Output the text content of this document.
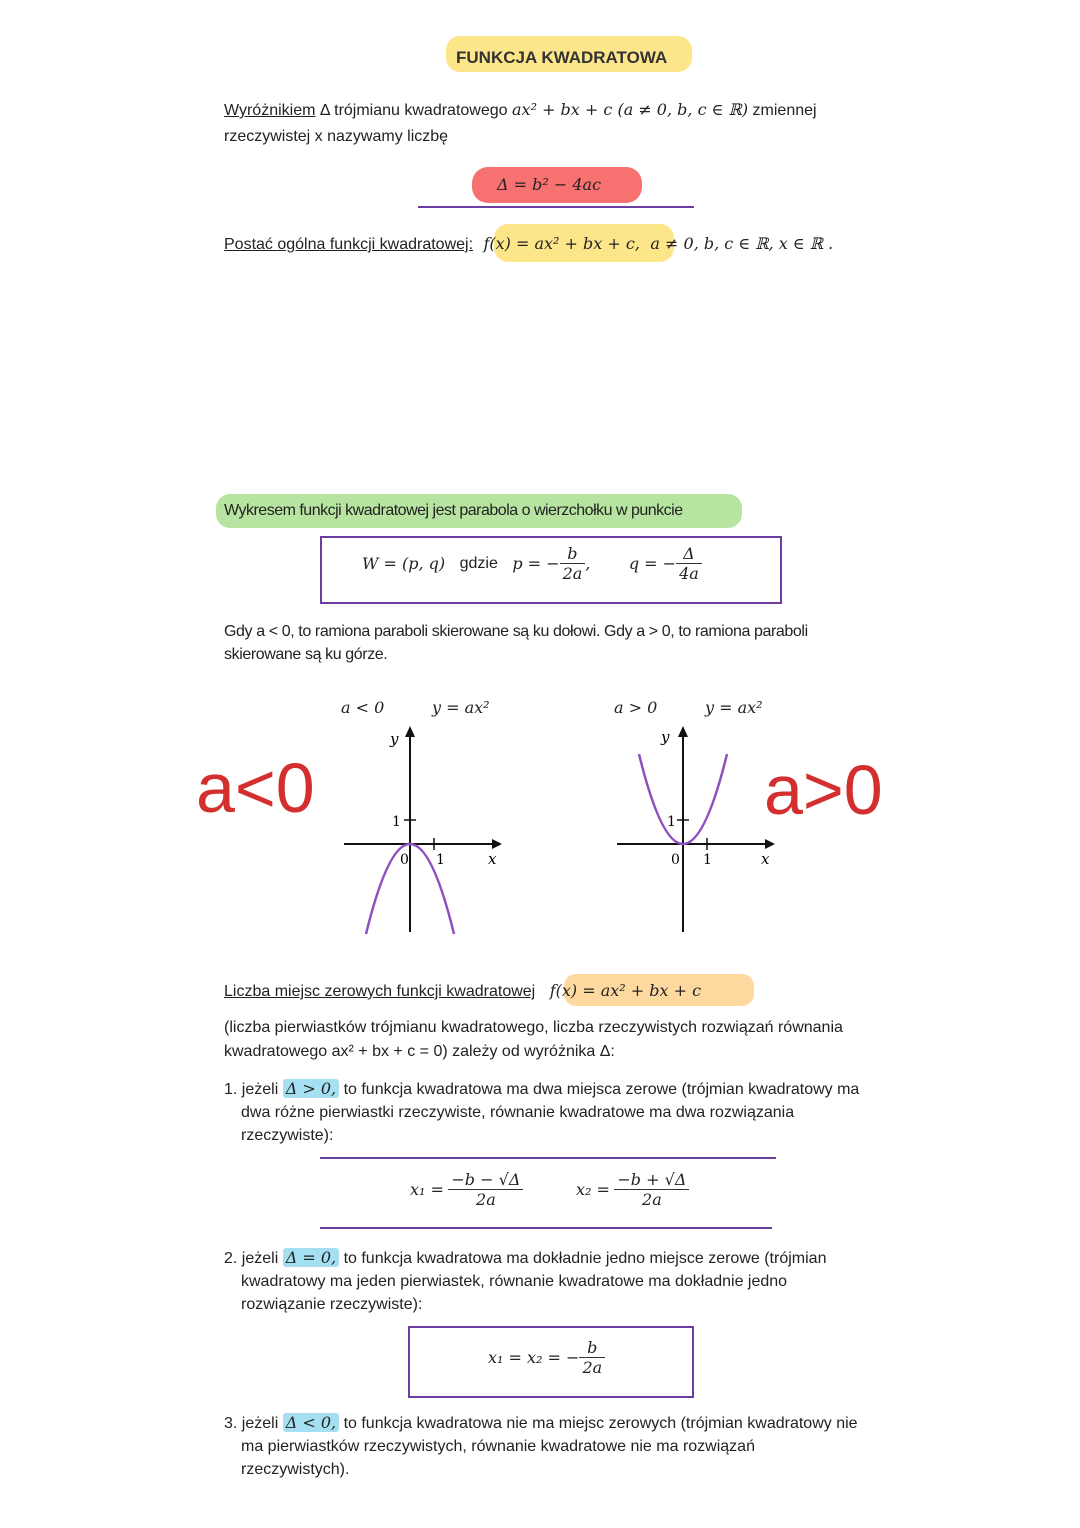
FUNKCJA KWADRATOWA

Wyróżnikiem Δ trójmianu kwadratowego ax² + bx + c (a ≠ 0, b, c ∈ ℝ) zmiennej

rzeczywistej x nazywamy liczbę

Δ = b² − 4ac
Postać ogólna funkcji kwadratowej: f(x) = ax² + bx + c, a ≠ 0, b, c ∈ ℝ, x ∈ ℝ .
Wykresem funkcji kwadratowej jest parabola o wierzchołku w punkcie
W = (p, q) gdzie p = − $\frac{b}{2a}$ , q = − $\frac{\Delta}{4a}$

Gdy a < 0, to ramiona paraboli skierowane są ku dołowi. Gdy a > 0, to ramiona paraboli

skierowane są ku górze.

a < 0	y = ax²	a > 0	y = ax²
a<0	a>0
y
1
0 1	x
y
1
0 1	x
Liczba miejsc zerowych funkcji kwadratowej f(x) = ax² + bx + c

(liczba pierwiastków trójmianu kwadratowego, liczba rzeczywistych rozwiązań równania

kwadratowego ax² + bx + c = 0) zależy od wyróżnika Δ:

1. jeżeli Δ > 0, to funkcja kwadratowa ma dwa miejsca zerowe (trójmian kwadratowy ma

dwa różne pierwiastki rzeczywiste, równanie kwadratowe ma dwa rozwiązania

rzeczywiste):

$x_1 = \frac{-b - √\Delta}{2a}$	$x_2 = \frac{-b + √\Delta}{2a}$

2. jeżeli Δ = 0, to funkcja kwadratowa ma dokładnie jedno miejsce zerowe (trójmian

kwadratowy ma jeden pierwiastek, równanie kwadratowe ma dokładnie jedno

rozwiązanie rzeczywiste):

x₁ = x₂ = − $\frac{b}{2a}$

3. jeżeli Δ < 0, to funkcja kwadratowa nie ma miejsc zerowych (trójmian kwadratowy nie

ma pierwiastków rzeczywistych, równanie kwadratowe nie ma rozwiązań

rzeczywistych).
